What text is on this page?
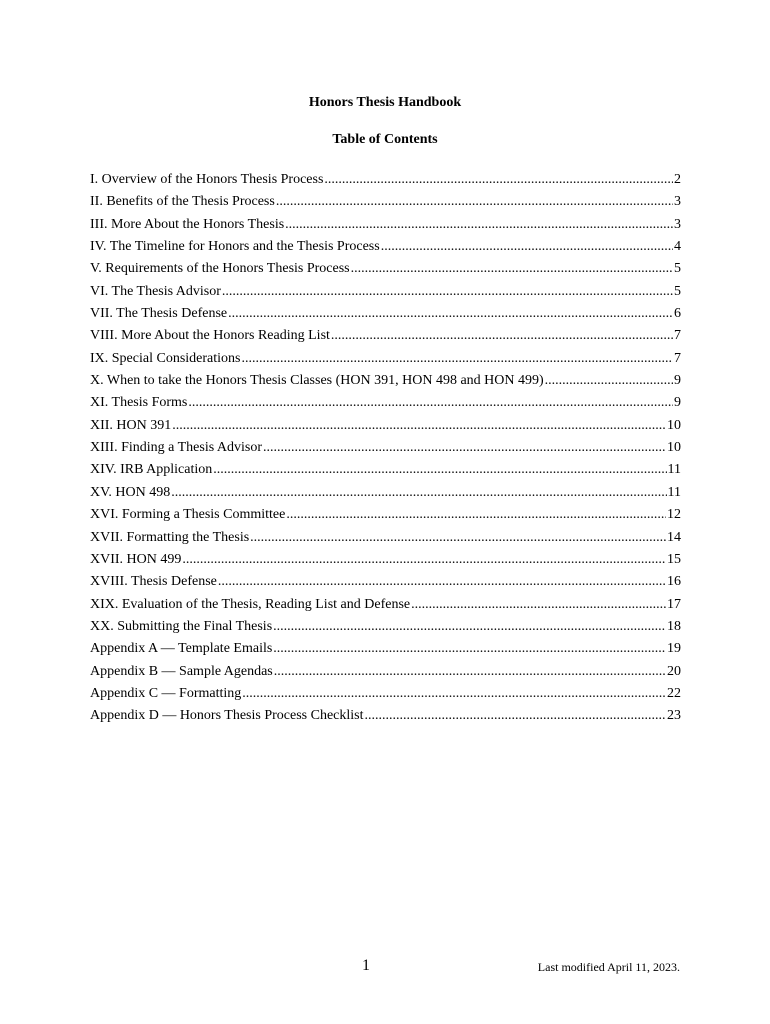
Honors Thesis Handbook
Table of Contents
I. Overview of the Honors Thesis Process .....	2
II. Benefits of the Thesis Process .....	3
III. More About the Honors Thesis .....	3
IV. The Timeline for Honors and the Thesis Process .....	4
V. Requirements of the Honors Thesis Process .....	5
VI. The Thesis Advisor .....	5
VII. The Thesis Defense .....	6
VIII. More About the Honors Reading List .....	7
IX. Special Considerations .....	7
X. When to take the Honors Thesis Classes (HON 391, HON 498 and HON 499) .....	9
XI. Thesis Forms .....	9
XII. HON 391 .....	10
XIII. Finding a Thesis Advisor .....	10
XIV. IRB Application .....	11
XV. HON 498 .....	11
XVI. Forming a Thesis Committee .....	12
XVII. Formatting the Thesis .....	14
XVII. HON 499 .....	15
XVIII. Thesis Defense .....	16
XIX. Evaluation of the Thesis, Reading List and Defense .....	17
XX. Submitting the Final Thesis .....	18
Appendix A — Template Emails .....	19
Appendix B — Sample Agendas .....	20
Appendix C — Formatting .....	22
Appendix D — Honors Thesis Process Checklist .....	23
1	Last modified April 11, 2023.
